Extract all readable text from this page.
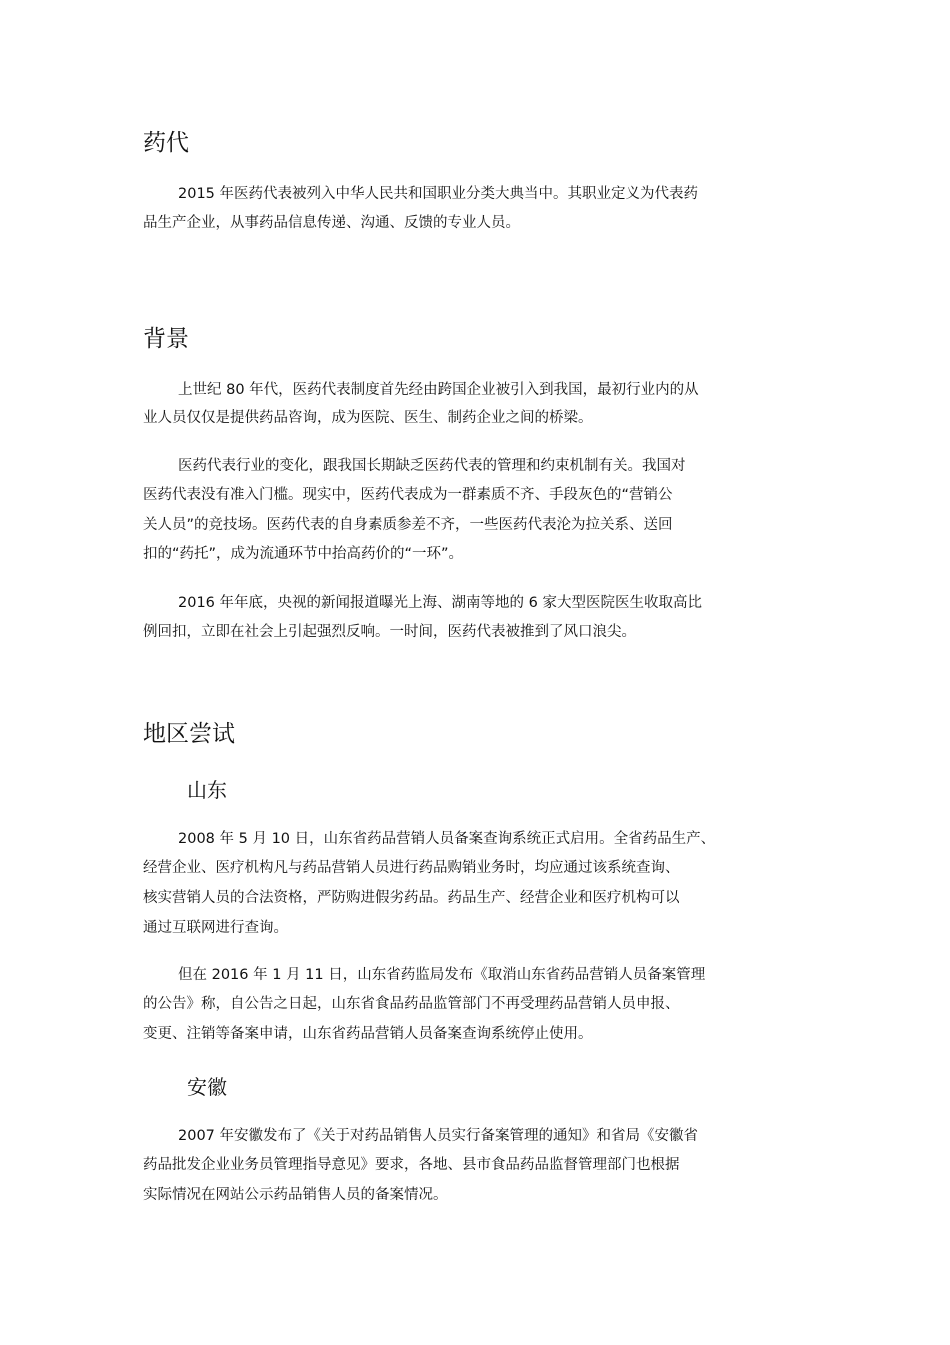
药代

2015 年医药代表被列入中华人民共和国职业分类大典当中。其职业定义为代表药

品生产企业，从事药品信息传递、沟通、反馈的专业人员。

背景

上世纪 80 年代，医药代表制度首先经由跨国企业被引入到我国，最初行业内的从

业人员仅仅是提供药品咨询，成为医院、医生、制药企业之间的桥梁。

医药代表行业的变化，跟我国长期缺乏医药代表的管理和约束机制有关。我国对

医药代表没有准入门槛。现实中，医药代表成为一群素质不齐、手段灰色的“营销公

关人员”的竞技场。医药代表的自身素质参差不齐，一些医药代表沦为拉关系、送回

扣的“药托”，成为流通环节中抬高药价的“一环”。

2016 年年底，央视的新闻报道曝光上海、湖南等地的 6 家大型医院医生收取高比

例回扣，立即在社会上引起强烈反响。一时间，医药代表被推到了风口浪尖。

地区尝试
山东

2008 年 5 月 10 日，山东省药品营销人员备案查询系统正式启用。全省药品生产、

经营企业、医疗机构凡与药品营销人员进行药品购销业务时，均应通过该系统查询、

核实营销人员的合法资格，严防购进假劣药品。药品生产、经营企业和医疗机构可以

通过互联网进行查询。

但在 2016 年 1 月 11 日，山东省药监局发布《取消山东省药品营销人员备案管理

的公告》称，自公告之日起，山东省食品药品监管部门不再受理药品营销人员申报、

变更、注销等备案申请，山东省药品营销人员备案查询系统停止使用。

安徽

2007 年安徽发布了《关于对药品销售人员实行备案管理的通知》和省局《安徽省

药品批发企业业务员管理指导意见》要求，各地、县市食品药品监督管理部门也根据

实际情况在网站公示药品销售人员的备案情况。
